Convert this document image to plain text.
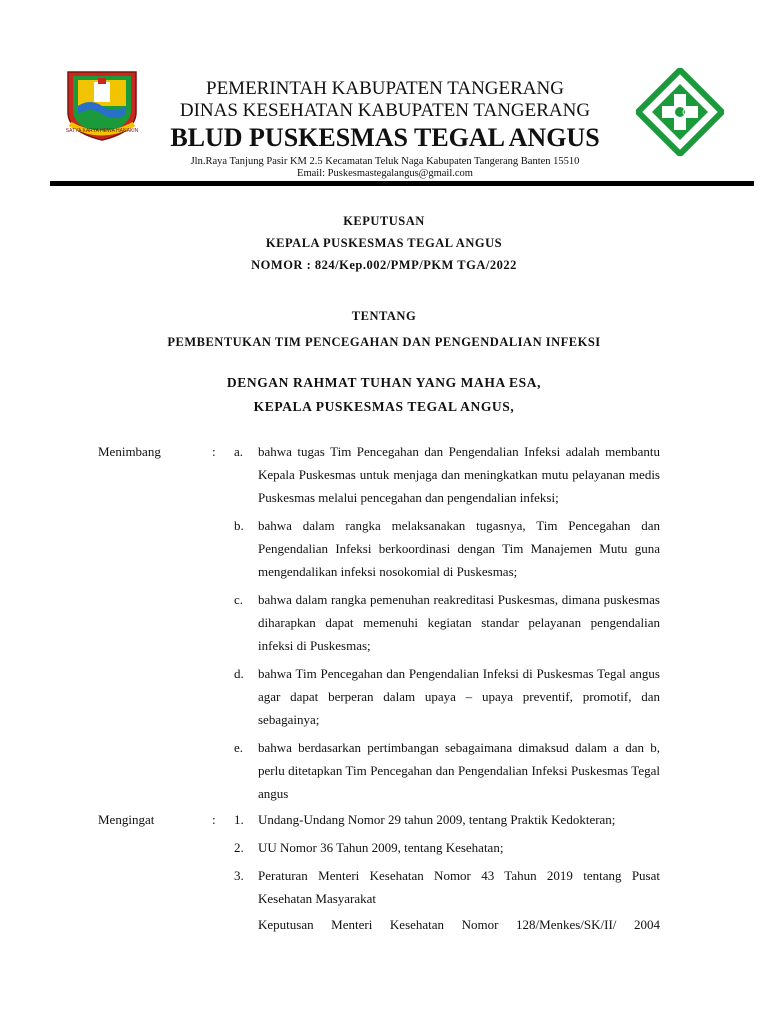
SATYA KARYA HEWA HANAKIN
PEMERINTAH KABUPATEN TANGERANG
DINAS KESEHATAN KABUPATEN TANGERANG
BLUD PUSKESMAS TEGAL ANGUS
Jln.Raya Tanjung Pasir KM 2.5 Kecamatan Teluk Naga Kabupaten Tangerang Banten 15510
Email: Puskesmastegalangus@gmail.com
KEPUTUSAN
KEPALA PUSKESMAS TEGAL ANGUS
NOMOR : 824/Kep.002/PMP/PKM TGA/2022
TENTANG
PEMBENTUKAN TIM PENCEGAHAN DAN PENGENDALIAN INFEKSI
DENGAN RAHMAT TUHAN YANG MAHA ESA,
KEPALA PUSKESMAS TEGAL ANGUS,
Menimbang	:	a.	bahwa tugas Tim Pencegahan dan Pengendalian Infeksi adalah membantu Kepala Puskesmas untuk menjaga dan meningkatkan mutu pelayanan medis Puskesmas melalui pencegahan dan pengendalian infeksi;
b.	bahwa dalam rangka melaksanakan tugasnya, Tim Pencegahan dan Pengendalian Infeksi berkoordinasi dengan Tim Manajemen Mutu guna mengendalikan infeksi nosokomial di Puskesmas;
c.	bahwa dalam rangka pemenuhan reakreditasi Puskesmas, dimana puskesmas diharapkan dapat memenuhi kegiatan standar pelayanan pengendalian infeksi di Puskesmas;
d.	bahwa Tim Pencegahan dan Pengendalian Infeksi di Puskesmas Tegal angus agar dapat berperan dalam upaya – upaya preventif, promotif, dan sebagainya;
e.	bahwa berdasarkan pertimbangan sebagaimana dimaksud dalam a dan b, perlu ditetapkan Tim Pencegahan dan Pengendalian Infeksi Puskesmas Tegal angus
Mengingat	:	1.	Undang-Undang Nomor 29 tahun 2009, tentang Praktik Kedokteran;
2.	UU Nomor 36 Tahun 2009, tentang Kesehatan;
3.	Peraturan Menteri Kesehatan Nomor 43 Tahun 2019 tentang Pusat Kesehatan Masyarakat
Keputusan Menteri Kesehatan Nomor 128/Menkes/SK/II/ 2004
